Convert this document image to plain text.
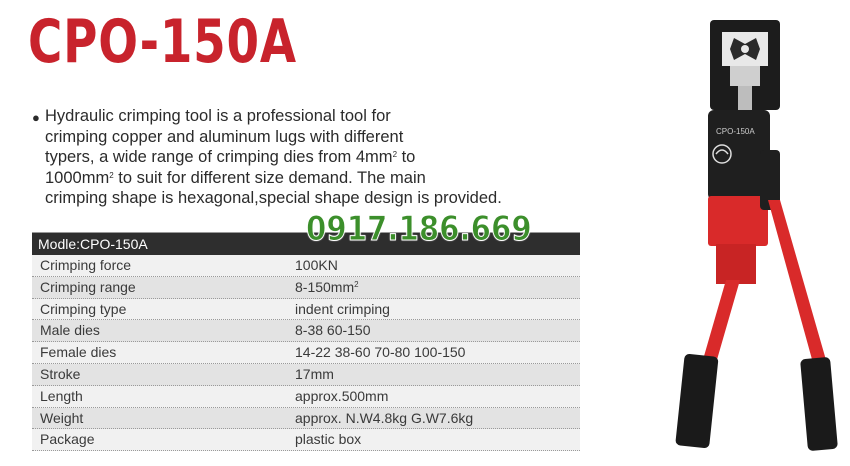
CPO-150A
● Hydraulic crimping tool is a professional tool for
crimping copper and aluminum lugs with different
typers, a wide range of crimping dies from $4mm^2$ to
$1000mm^2$ to suit for different size demand. The main
crimping shape is hexagonal,special shape design is provided.
Modle:CPO-150A
Crimping force	100KN
Crimping range	$8-150mm^2$
Crimping type	indent crimping
Male dies	8-38 60-150
Female dies	14-22 38-60 70-80 100-150
Stroke	17mm
Length	approx.500mm
Weight	approx. N.W4.8kg G.W7.6kg
Package	plastic box
0917.186.669
CPO-150A
